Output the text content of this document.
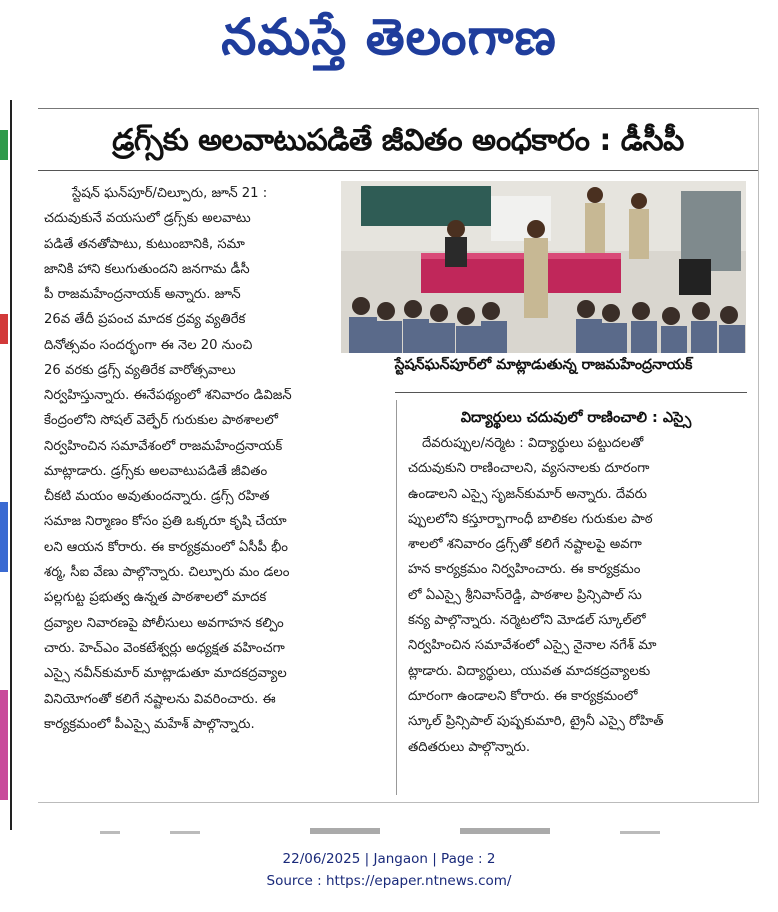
నమస్తే తెలంగాణ
డ్రగ్స్‌కు అలవాటుపడితే జీవితం అంధకారం : డీసీపీ

స్టేషన్ ఘన్‌పూర్/చిల్పూరు, జూన్ 21 :

చదువుకునే వయసులో డ్రగ్స్‌కు అలవాటు

పడితే తనతోపాటు, కుటుంబానికి, సమా

జానికి హాని కలుగుతుందని జనగామ డీసీ

పీ రాజమహేంద్రనాయక్ అన్నారు. జూన్

26వ తేదీ ప్రపంచ మాదక ద్రవ్య వ్యతిరేక

దినోత్సవం సందర్భంగా ఈ నెల 20 నుంచి

26 వరకు డ్రగ్స్ వ్యతిరేక వారోత్సవాలు

నిర్వహిస్తున్నారు. ఈనేపథ్యంలో శనివారం డివిజన్

కేంద్రంలోని సోషల్ వెల్ఫేర్ గురుకుల పాఠశాలలో

నిర్వహించిన సమావేశంలో రాజమహేంద్రనాయక్

మాట్లాడారు. డ్రగ్స్‌కు అలవాటుపడితే జీవితం

చీకటి మయం అవుతుందన్నారు. డ్రగ్స్ రహిత

సమాజ నిర్మాణం కోసం ప్రతి ఒక్కరూ కృషి చేయా

లని ఆయన కోరారు. ఈ కార్యక్రమంలో ఏసీపీ భీం

శర్మ, సీఐ వేణు పాల్గొన్నారు. చిల్పూరు మం డలం

పల్లగుట్ట ప్రభుత్వ ఉన్నత పాఠశాలలో మాదక

ద్రవ్యాల నివారణపై పోలీసులు అవగాహన కల్పిం

చారు. హెచ్‌ఎం వెంకటేశ్వర్లు అధ్యక్షత వహించగా

ఎస్సై నవీన్‌కుమార్ మాట్లాడుతూ మాదకద్రవ్యాల

వినియోగంతో కలిగే నష్టాలను వివరించారు. ఈ

కార్యక్రమంలో పీఎస్సై మహేశ్ పాల్గొన్నారు.

స్టేషన్‌ఘన్‌పూర్‌లో మాట్లాడుతున్న రాజమహేంద్రనాయక్
విద్యార్థులు చదువులో రాణించాలి : ఎస్సై

దేవరుప్పుల/నర్మెట : విద్యార్థులు పట్టుదలతో

చదువుకుని రాణించాలని, వ్యసనాలకు దూరంగా

ఉండాలని ఎస్సై సృజన్‌కుమార్ అన్నారు. దేవరు

ప్పులలోని కస్తూర్బాగాంధీ బాలికల గురుకుల పాఠ

శాలలో శనివారం డ్రగ్స్‌తో కలిగే నష్టాలపై అవగా

హన కార్యక్రమం నిర్వహించారు. ఈ కార్యక్రమం

లో ఏఎస్సై శ్రీనివాస్‌రెడ్డి, పాఠశాల ప్రిన్సిపాల్ సు

కన్య పాల్గొన్నారు. నర్మెటలోని మోడల్ స్కూల్‌లో

నిర్వహించిన సమావేశంలో ఎస్సై నైనాల నగేశ్ మా

ట్లాడారు. విద్యార్థులు, యువత మాదకద్రవ్యాలకు

దూరంగా ఉండాలని కోరారు. ఈ కార్యక్రమంలో

స్కూల్ ప్రిన్సిపాల్ పుష్పకుమారి, ట్రైనీ ఎస్సై రోహిత్

తదితరులు పాల్గొన్నారు.

22/06/2025 | Jangaon | Page : 2
Source : https://epaper.ntnews.com/
